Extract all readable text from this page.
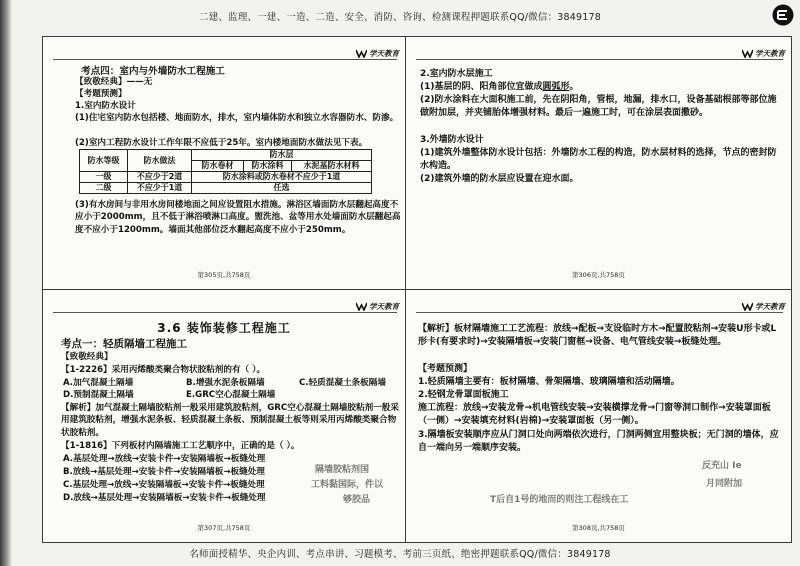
二建、监理、一建、一造、二造、安全、消防、咨询、检测课程押题联系QQ/微信：3849178
学天教育
考点四：室内与外墙防水工程施工
【致敬经典】——无
【考题预测】
1.室内防水设计
(1)住宅室内防水包括楼、地面防水，排水，室内墙体防水和独立水容器防水、防渗。
(2)室内工程防水设计工作年限不应低于25年。室内楼地面防水做法见下表。
防水等级	防水做法	防水层		
		防水卷材	防水涂料	水泥基防水材料
一级	不应少于2道	防水涂料或防水卷材不应少于1道		
二级	不应少于1道	任选		
(3)有水房间与非用水房间楼地面之间应设置阻水措施。淋浴区墙面防水层翻起高度不应小于2000mm，且不低于淋浴喷淋口高度。盥洗池、盆等用水处墙面防水层翻起高度不应小于1200mm。墙面其他部位泛水翻起高度不应小于250mm。
第305页,共758页
学天教育
2.室内防水层施工
(1)基层的阴、阳角部位宜做成圆弧形。
(2)防水涂料在大面积施工前，先在阴阳角，管根，地漏，排水口，设备基础根部等部位施做附加层，并夹铺胎体增强材料。最后一遍施工时，可在涂层表面撒砂。
3.外墙防水设计
(1)建筑外墙整体防水设计包括：外墙防水工程的构造，防水层材料的选择，节点的密封防水构造。
(2)建筑外墙的防水层应设置在迎水面。
第306页,共758页
学天教育
3.6 装饰装修工程施工
考点一：轻质隔墙工程施工
【致敬经典】
【1-2226】采用丙烯酸类聚合物状胶粘剂的有（ ）。
A.加气混凝土隔墙	B.增强水泥条板隔墙	C.轻质混凝土条板隔墙
D.预制混凝土隔墙	E.GRC空心混凝土隔墙
【解析】加气混凝土隔墙胶粘剂一般采用建筑胶粘剂，GRC空心混凝土隔墙胶粘剂一般采用建筑胶粘剂，增强水泥条板、轻质混凝土条板、预制混凝土板等则采用丙烯酸类聚合物状胶粘剂。
【1-1816】下列板材内隔墙施工工艺顺序中，正确的是（ ）。
A.基层处理→放线→安装卡件→安装隔墙板→板缝处理
B.放线→基层处理→安装卡件→安装隔墙板→板缝处理
C.基层处理→放线→安装隔墙板→安装卡件→板缝处理
D.放线→基层处理→安装隔墙板→安装卡件→板缝处理
隔墙胶粘剂国
工料黏国际，件以
够胶品
第307页,共758页
学天教育
【解析】板材隔墙施工工艺流程：放线→配板→支设临时方木→配置胶粘剂→安装U形卡或L形卡(有要求时)→安装隔墙板→安装门窗框→设备、电气管线安装→板缝处理。
【考题预测】
1.轻质隔墙主要有：板材隔墙、骨架隔墙、玻璃隔墙和活动隔墙。
2.轻钢龙骨罩面板施工
施工流程：放线→安装龙骨→机电管线安装→安装横撑龙骨→门窗等洞口制作→安装罩面板（一侧）→安装填充材料(岩棉)→安装罩面板（另一侧）。
3.隔墙板安装顺序应从门洞口处向两端依次进行，门洞两侧宜用整块板；无门洞的墙体，应自一端向另一端顺序安装。
反充山 Ie
月同附加
T后自1号的地而的则注工程线在工
第308页,共758页
名师面授精华、央企内训、考点串讲、习题模考、考前三页纸、绝密押题联系QQ/微信：3849178
